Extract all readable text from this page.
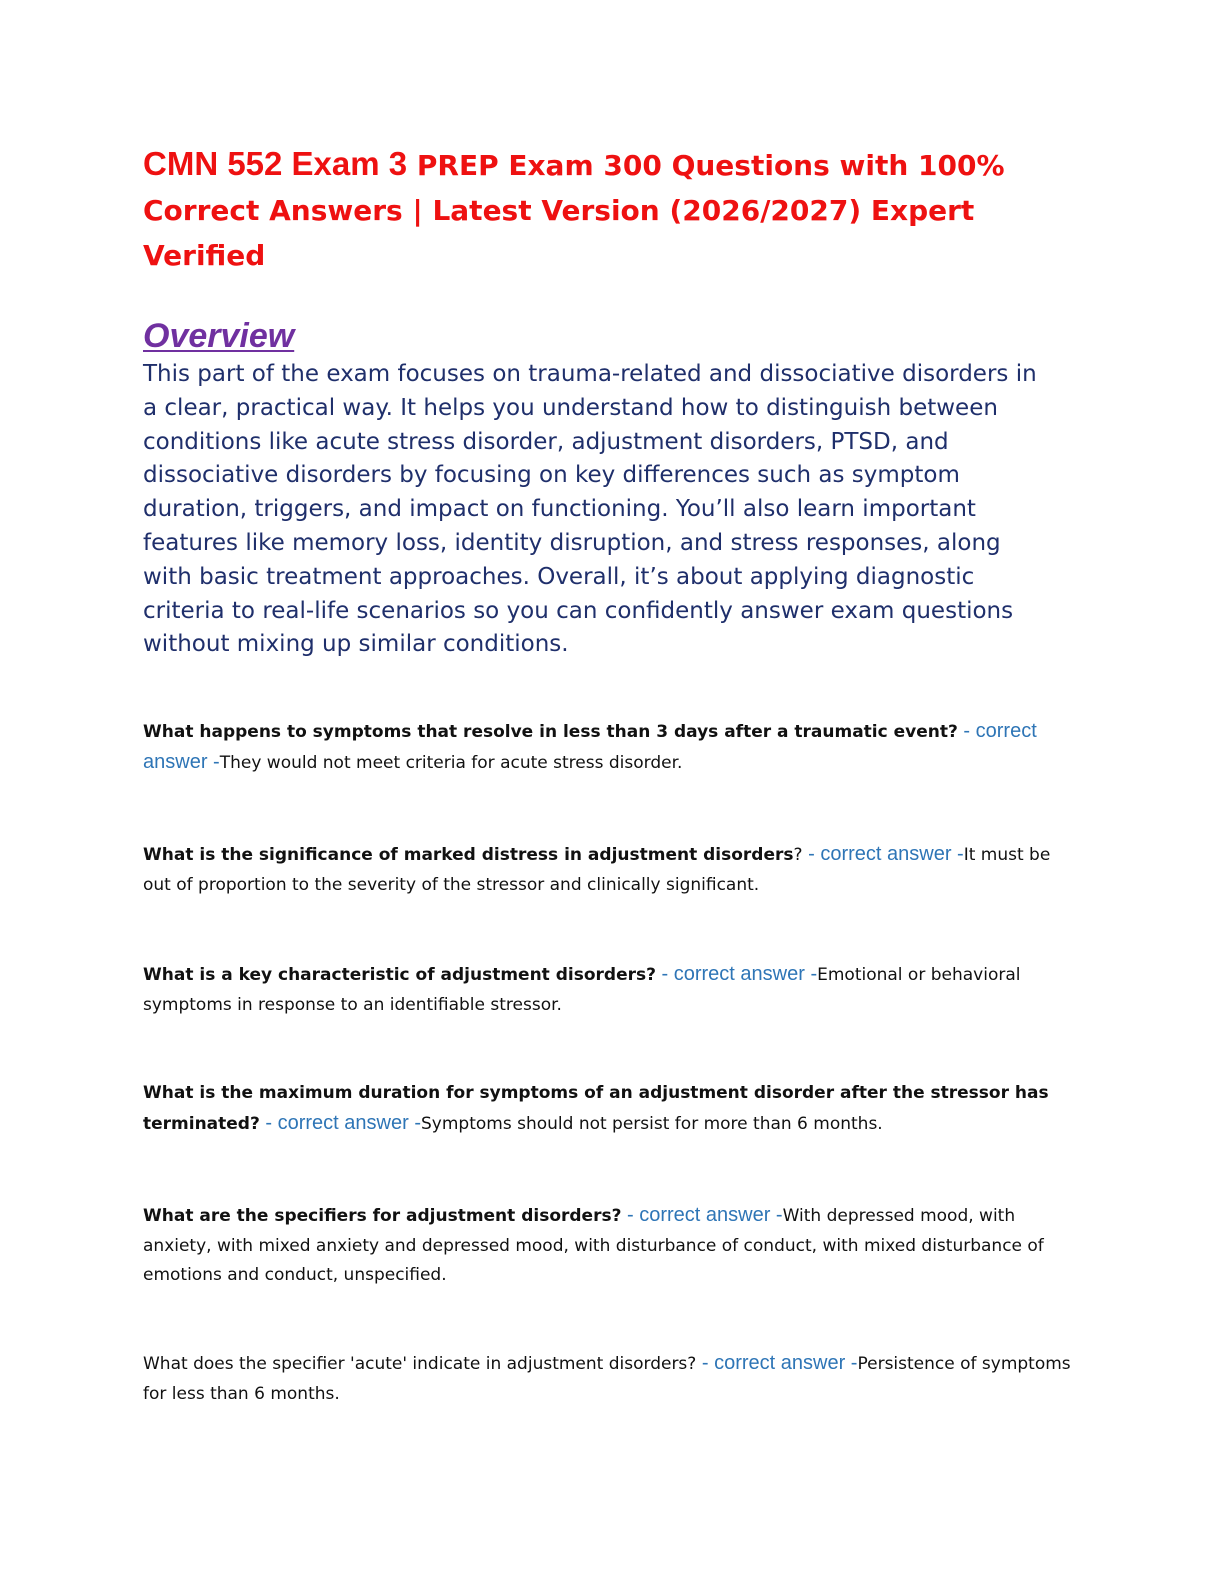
CMN 552 Exam 3 PREP Exam 300 Questions with 100% Correct Answers | Latest Version (2026/2027) Expert Verified
Overview

This part of the exam focuses on trauma-related and dissociative disorders in a clear, practical way. It helps you understand how to distinguish between conditions like acute stress disorder, adjustment disorders, PTSD, and dissociative disorders by focusing on key differences such as symptom duration, triggers, and impact on functioning. You’ll also learn important features like memory loss, identity disruption, and stress responses, along with basic treatment approaches. Overall, it’s about applying diagnostic criteria to real-life scenarios so you can confidently answer exam questions without mixing up similar conditions.

What happens to symptoms that resolve in less than 3 days after a traumatic event? - correct answer -They would not meet criteria for acute stress disorder.

What is the significance of marked distress in adjustment disorders? - correct answer -It must be out of proportion to the severity of the stressor and clinically significant.

What is a key characteristic of adjustment disorders? - correct answer -Emotional or behavioral symptoms in response to an identifiable stressor.

What is the maximum duration for symptoms of an adjustment disorder after the stressor has terminated? - correct answer -Symptoms should not persist for more than 6 months.

What are the specifiers for adjustment disorders? - correct answer -With depressed mood, with anxiety, with mixed anxiety and depressed mood, with disturbance of conduct, with mixed disturbance of emotions and conduct, unspecified.

What does the specifier 'acute' indicate in adjustment disorders? - correct answer -Persistence of symptoms for less than 6 months.
